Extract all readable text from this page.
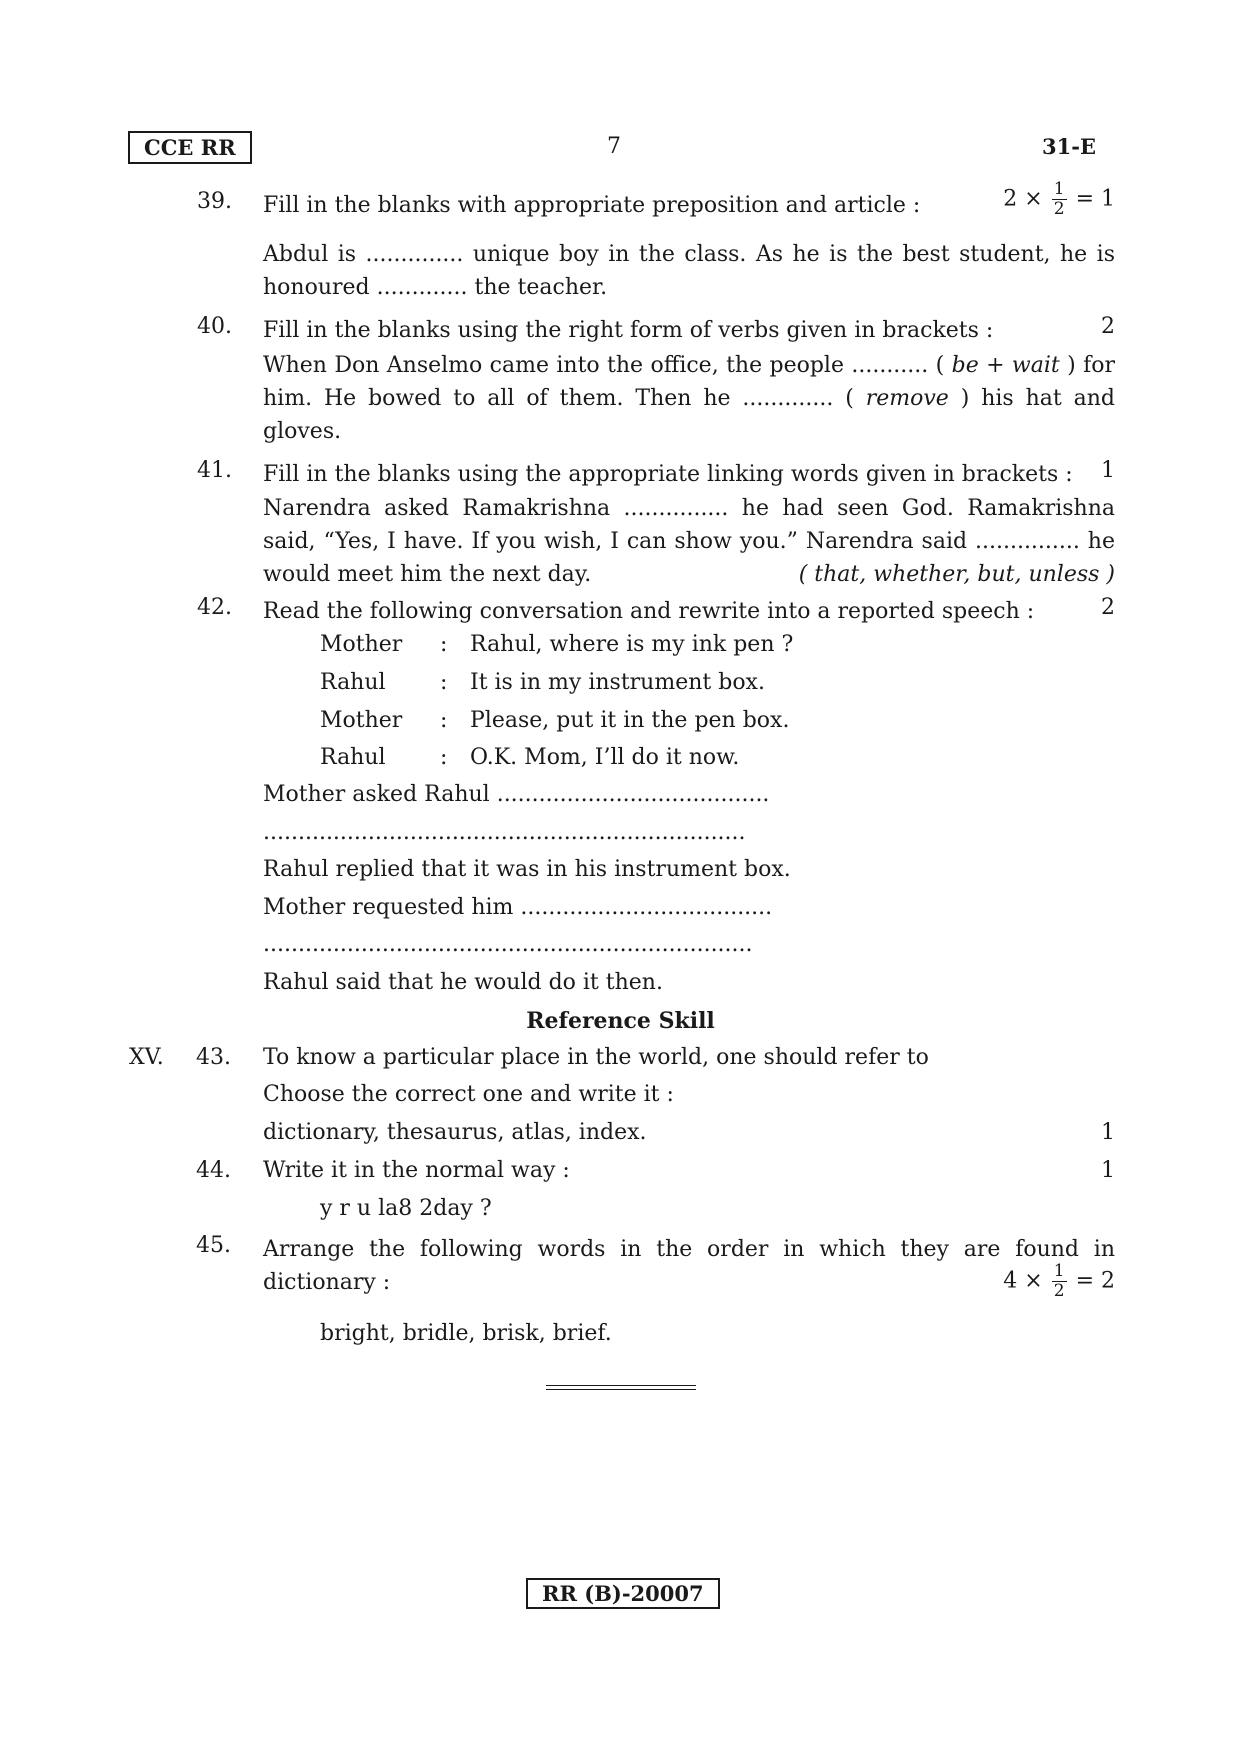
CCE RR	7	31-E
39. Fill in the blanks with appropriate preposition and article :	$2 \times \frac{1}{2} = 1$
Abdul is .............. unique boy in the class. As he is the best student, he is
honoured ............. the teacher.
40. Fill in the blanks using the right form of verbs given in brackets :	2
When Don Anselmo came into the office, the people ........... ( be + wait ) for him. He bowed to all of them. Then he ............. ( remove ) his hat and gloves.
41. Fill in the blanks using the appropriate linking words given in brackets :	1
Narendra asked Ramakrishna ............... he had seen God. Ramakrishna said, “Yes, I have. If you wish, I can show you.” Narendra said ............... he
would meet him the next day.	( that, whether, but, unless )
42. Read the following conversation and rewrite into a reported speech :	2
Mother : Rahul, where is my ink pen ?
Rahul : It is in my instrument box.
Mother : Please, put it in the pen box.
Rahul : O.K. Mom, I’ll do it now.
Mother asked Rahul .......................................
.....................................................................
Rahul replied that it was in his instrument box.
Mother requested him ....................................
......................................................................
Rahul said that he would do it then.
Reference Skill
XV. 43. To know a particular place in the world, one should refer to
Choose the correct one and write it :
dictionary, thesaurus, atlas, index.	1
44. Write it in the normal way :	1
y r u la8 2day ?
45. Arrange the following words in the order in which they are found in
dictionary :	$4 \times \frac{1}{2} = 2$
bright, bridle, brisk, brief.
RR (B)-20007
